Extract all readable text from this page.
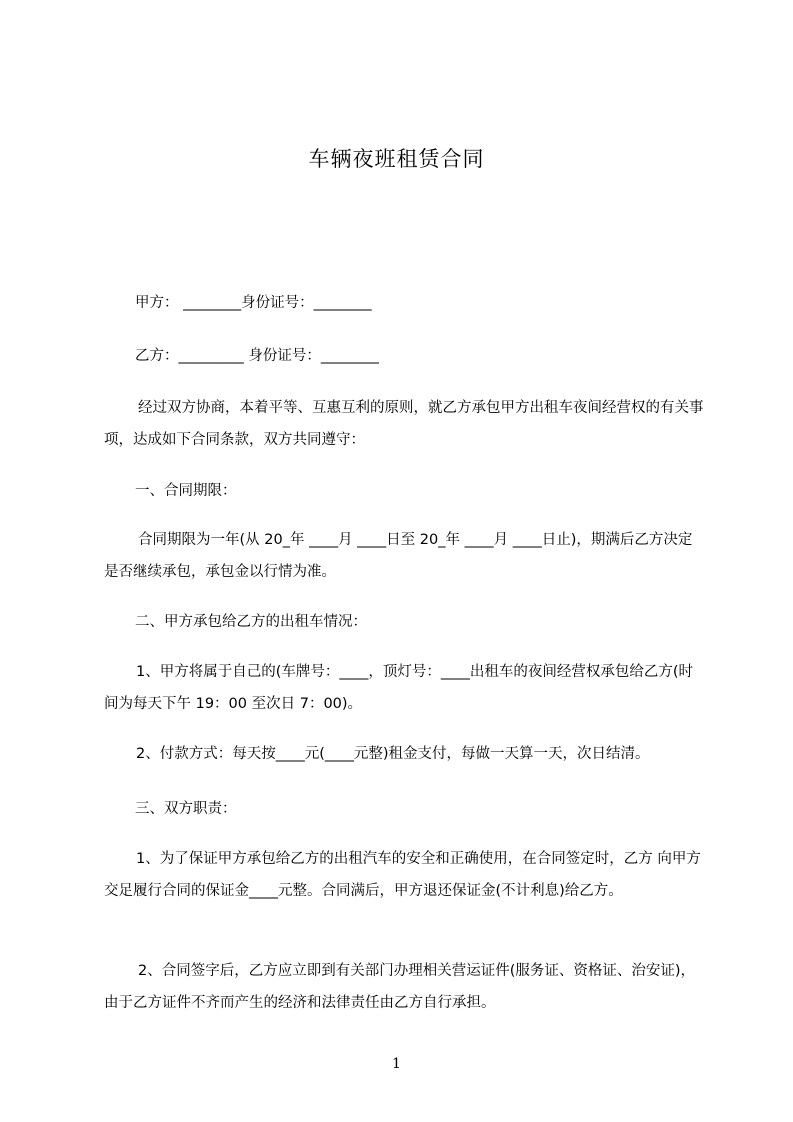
车辆夜班租赁合同
甲方： ________身份证号：________
乙方：_________ 身份证号：________
经过双方协商，本着平等、互惠互利的原则，就乙方承包甲方出租车夜间经营权的有关事项，达成如下合同条款，双方共同遵守：
一、合同期限：
合同期限为一年(从 20_年 ____月 ____日至 20_年 ____月 ____日止)，期满后乙方决定是否继续承包，承包金以行情为准。
二、甲方承包给乙方的出租车情况：
1、甲方将属于自己的(车牌号：____，顶灯号：____出租车的夜间经营权承包给乙方(时间为每天下午 19：00 至次日 7：00)。
2、付款方式：每天按____元(____元整)租金支付，每做一天算一天，次日结清。
三、双方职责：
1、为了保证甲方承包给乙方的出租汽车的安全和正确使用，在合同签定时，乙方 向甲方交足履行合同的保证金____元整。合同满后，甲方退还保证金(不计利息)给乙方。
2、合同签字后，乙方应立即到有关部门办理相关营运证件(服务证、资格证、治安证)，由于乙方证件不齐而产生的经济和法律责任由乙方自行承担。
1
